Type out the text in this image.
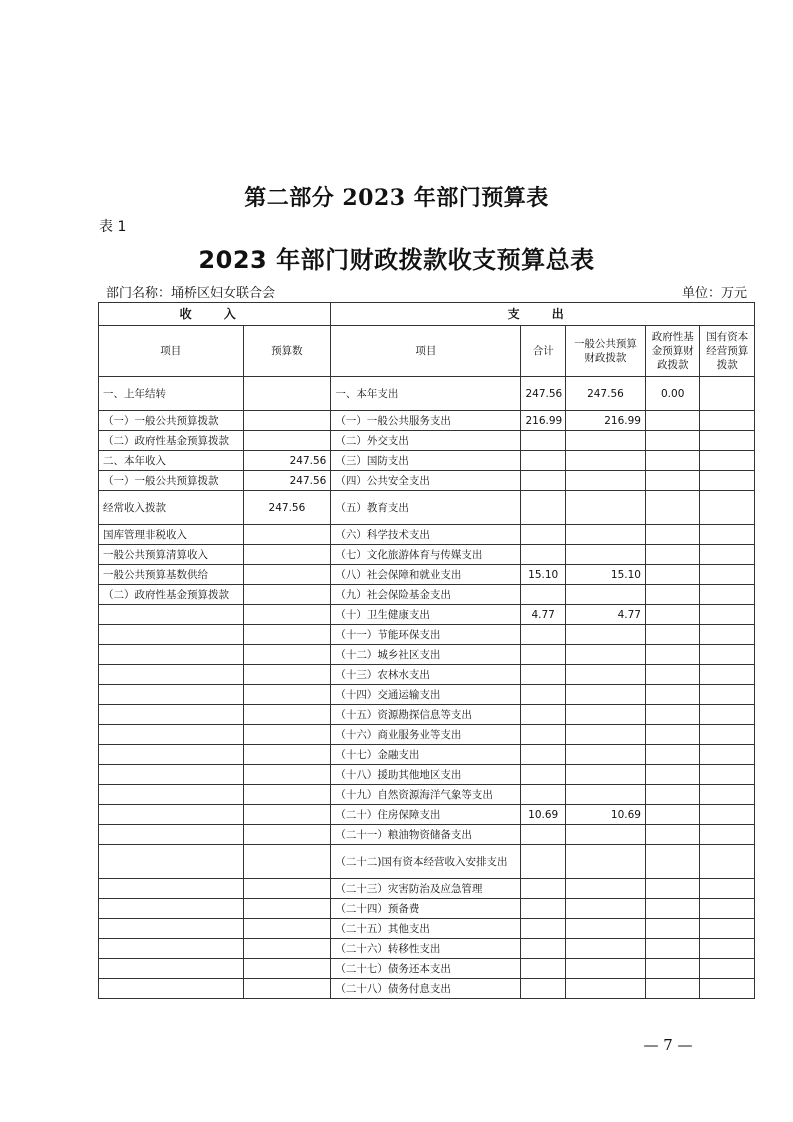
第二部分 2023 年部门预算表
表 1
2023 年部门财政拨款收支预算总表
部门名称：埇桥区妇女联合会	单位：万元
收 入		支 出				
项目	预算数	项目	合计	一般公共预算财政拨款	政府性基金预算财政拨款	国有资本经营预算拨款
一、上年结转		一、本年支出	247.56	247.56	0.00	
（一）一般公共预算拨款		（一）一般公共服务支出	216.99	216.99		
（二）政府性基金预算拨款		（二）外交支出				
二、本年收入	247.56	（三）国防支出				
（一）一般公共预算拨款	247.56	（四）公共安全支出				
经常收入拨款	247.56	（五）教育支出				
国库管理非税收入		（六）科学技术支出				
一般公共预算清算收入		（七）文化旅游体育与传媒支出				
一般公共预算基数供给		（八）社会保障和就业支出	15.10	15.10		
（二）政府性基金预算拨款		（九）社会保险基金支出				
		（十）卫生健康支出	4.77	4.77		
		（十一）节能环保支出				
		（十二）城乡社区支出				
		（十三）农林水支出				
		（十四）交通运输支出				
		（十五）资源勘探信息等支出				
		（十六）商业服务业等支出				
		（十七）金融支出				
		（十八）援助其他地区支出				
		（十九）自然资源海洋气象等支出				
		（二十）住房保障支出	10.69	10.69		
		（二十一）粮油物资储备支出				
		（二十二)国有资本经营收入安排支出				
		（二十三）灾害防治及应急管理				
		（二十四）预备费				
		（二十五）其他支出				
		（二十六）转移性支出				
		（二十七）债务还本支出				
		（二十八）债务付息支出				
— 7 —
